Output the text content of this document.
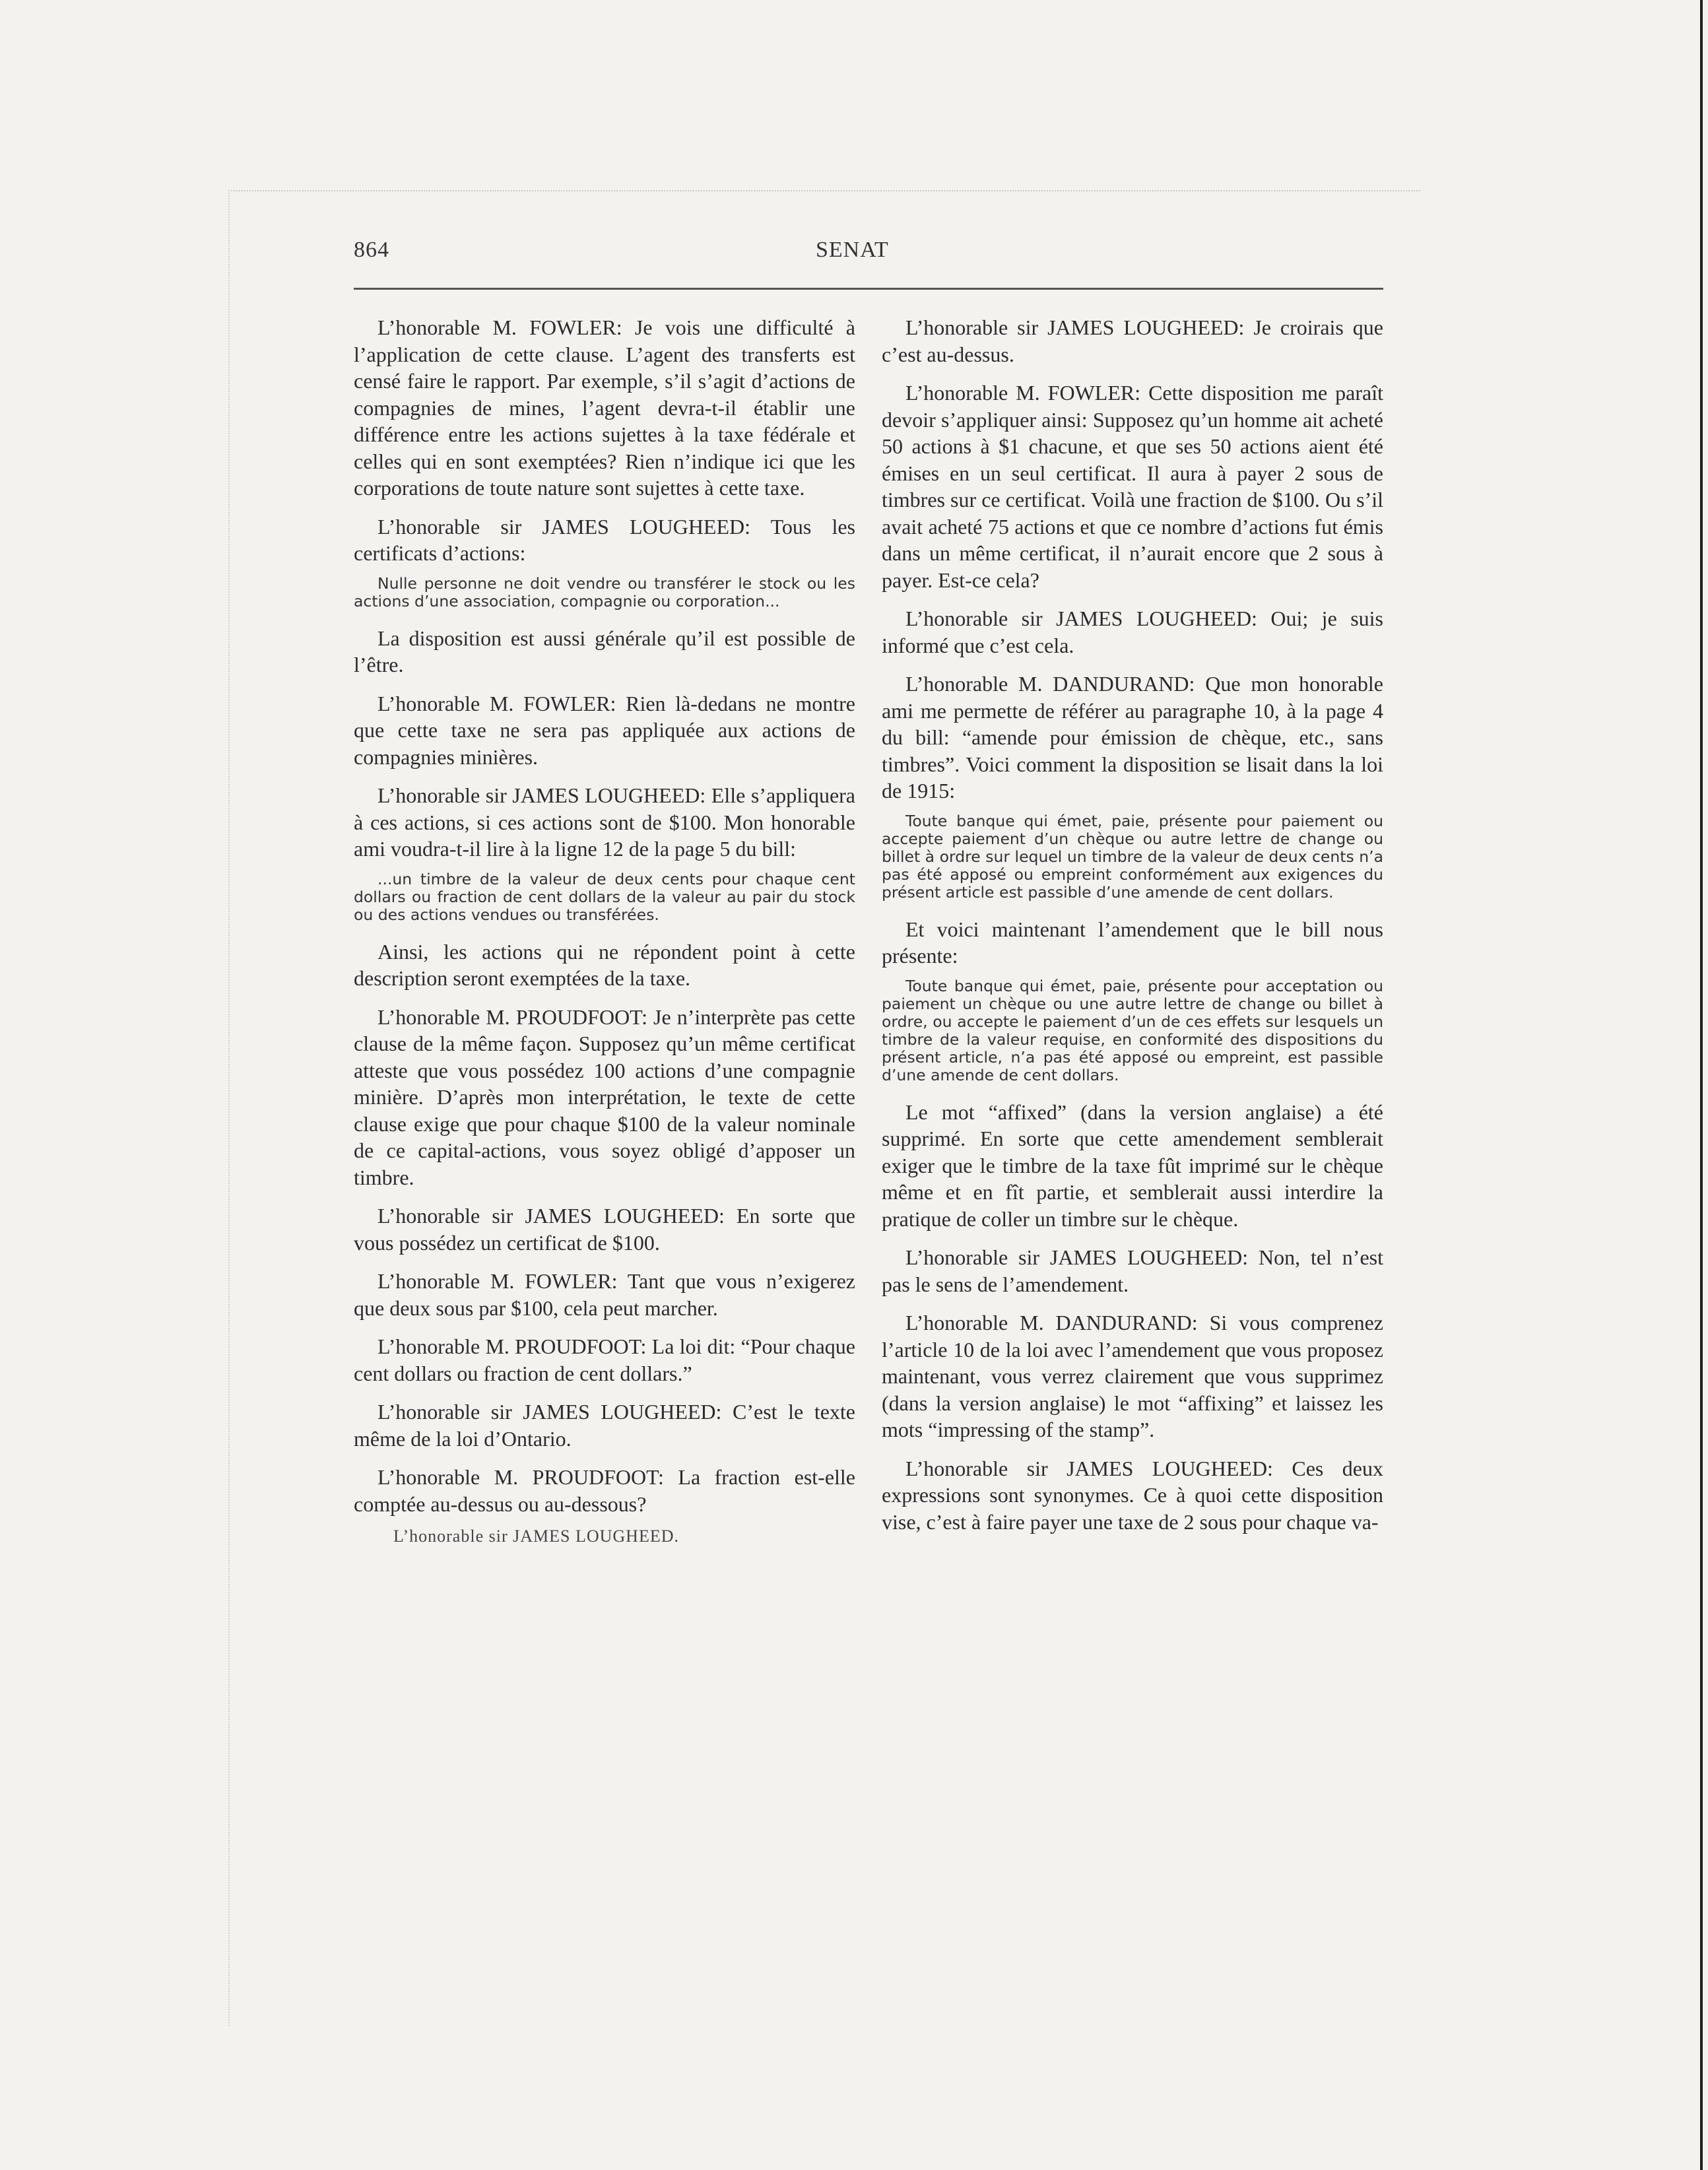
864	SENAT

L’honorable M. FOWLER: Je vois une difficulté à l’application de cette clause. L’agent des transferts est censé faire le rapport. Par exemple, s’il s’agit d’actions de compagnies de mines, l’agent devra-t-il établir une différence entre les actions sujettes à la taxe fédérale et celles qui en sont exemptées? Rien n’indique ici que les corporations de toute nature sont sujettes à cette taxe.

L’honorable sir JAMES LOUGHEED: Tous les certificats d’actions:

Nulle personne ne doit vendre ou transférer le stock ou les actions d’une association, compagnie ou corporation...

La disposition est aussi générale qu’il est possible de l’être.

L’honorable M. FOWLER: Rien là-dedans ne montre que cette taxe ne sera pas appliquée aux actions de compagnies minières.

L’honorable sir JAMES LOUGHEED: Elle s’appliquera à ces actions, si ces actions sont de $100. Mon honorable ami voudra-t-il lire à la ligne 12 de la page 5 du bill:

...un timbre de la valeur de deux cents pour chaque cent dollars ou fraction de cent dollars de la valeur au pair du stock ou des actions vendues ou transférées.

Ainsi, les actions qui ne répondent point à cette description seront exemptées de la taxe.

L’honorable M. PROUDFOOT: Je n’interprète pas cette clause de la même façon. Supposez qu’un même certificat atteste que vous possédez 100 actions d’une compagnie minière. D’après mon interprétation, le texte de cette clause exige que pour chaque $100 de la valeur nominale de ce capital-actions, vous soyez obligé d’apposer un timbre.

L’honorable sir JAMES LOUGHEED: En sorte que vous possédez un certificat de $100.

L’honorable M. FOWLER: Tant que vous n’exigerez que deux sous par $100, cela peut marcher.

L’honorable M. PROUDFOOT: La loi dit: “Pour chaque cent dollars ou fraction de cent dollars.”

L’honorable sir JAMES LOUGHEED: C’est le texte même de la loi d’Ontario.

L’honorable M. PROUDFOOT: La fraction est-elle comptée au-dessus ou au-dessous?

L’honorable sir JAMES LOUGHEED.

L’honorable sir JAMES LOUGHEED: Je croirais que c’est au-dessus.

L’honorable M. FOWLER: Cette disposition me paraît devoir s’appliquer ainsi: Supposez qu’un homme ait acheté 50 actions à $1 chacune, et que ses 50 actions aient été émises en un seul certificat. Il aura à payer 2 sous de timbres sur ce certificat. Voilà une fraction de $100. Ou s’il avait acheté 75 actions et que ce nombre d’actions fut émis dans un même certificat, il n’aurait encore que 2 sous à payer. Est-ce cela?

L’honorable sir JAMES LOUGHEED: Oui; je suis informé que c’est cela.

L’honorable M. DANDURAND: Que mon honorable ami me permette de référer au paragraphe 10, à la page 4 du bill: “amende pour émission de chèque, etc., sans timbres”. Voici comment la disposition se lisait dans la loi de 1915:

Toute banque qui émet, paie, présente pour paiement ou accepte paiement d’un chèque ou autre lettre de change ou billet à ordre sur lequel un timbre de la valeur de deux cents n’a pas été apposé ou empreint conformément aux exigences du présent article est passible d’une amende de cent dollars.

Et voici maintenant l’amendement que le bill nous présente:

Toute banque qui émet, paie, présente pour acceptation ou paiement un chèque ou une autre lettre de change ou billet à ordre, ou accepte le paiement d’un de ces effets sur lesquels un timbre de la valeur requise, en conformité des dispositions du présent article, n’a pas été apposé ou empreint, est passible d’une amende de cent dollars.

Le mot “affixed” (dans la version anglaise) a été supprimé. En sorte que cette amendement semblerait exiger que le timbre de la taxe fût imprimé sur le chèque même et en fît partie, et semblerait aussi interdire la pratique de coller un timbre sur le chèque.

L’honorable sir JAMES LOUGHEED: Non, tel n’est pas le sens de l’amendement.

L’honorable M. DANDURAND: Si vous comprenez l’article 10 de la loi avec l’amendement que vous proposez maintenant, vous verrez clairement que vous supprimez (dans la version anglaise) le mot “affixing” et laissez les mots “impressing of the stamp”.

L’honorable sir JAMES LOUGHEED: Ces deux expressions sont synonymes. Ce à quoi cette disposition vise, c’est à faire payer une taxe de 2 sous pour chaque va-
